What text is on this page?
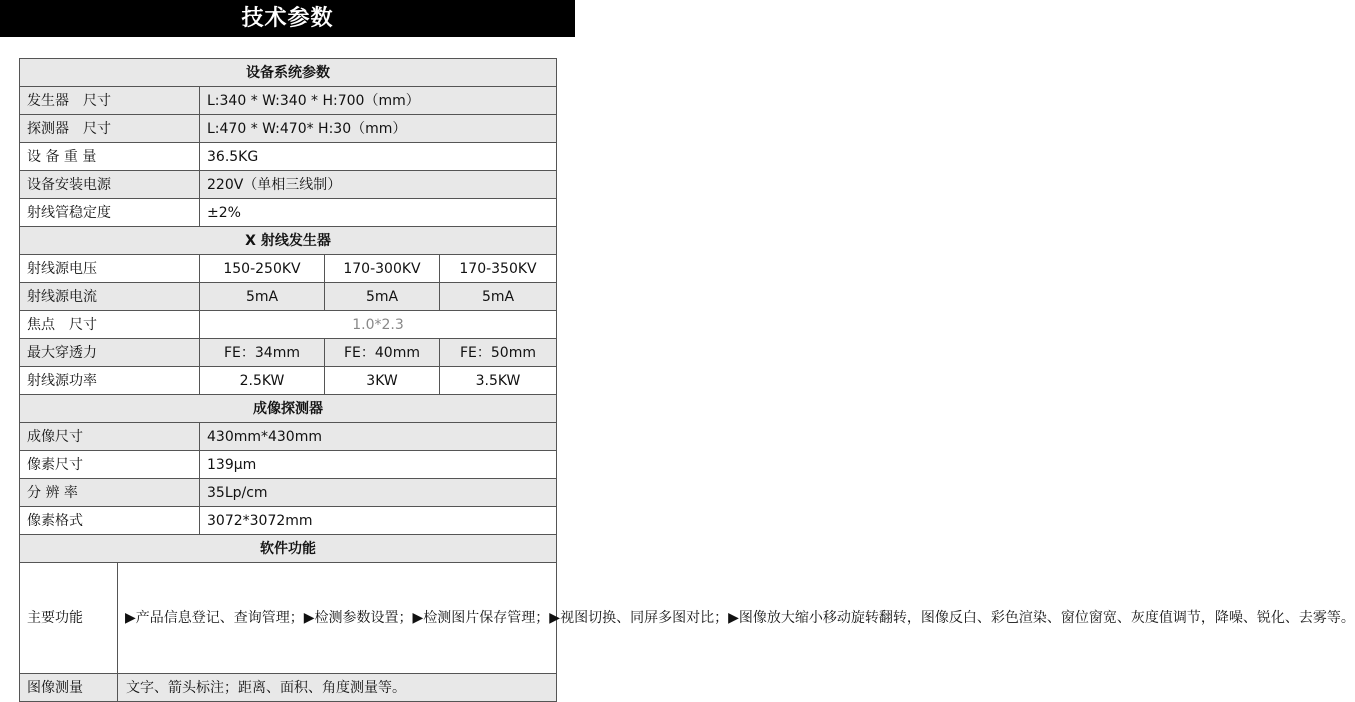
技术参数
设备系统参数				
发生器　尺寸		L:340 * W:340 * H:700（mm）		
探测器　尺寸		L:470 * W:470* H:30（mm）		
设 备 重 量		36.5KG		
设备安装电源		220V（单相三线制）		
射线管稳定度		±2%		
X 射线发生器				
射线源电压		150-250KV	170-300KV	170-350KV
射线源电流		5mA	5mA	5mA
焦点　尺寸		1.0*2.3		
最大穿透力		FE：34mm	FE：40mm	FE：50mm
射线源功率		2.5KW	3KW	3.5KW
成像探测器				
成像尺寸		430mm*430mm		
像素尺寸		139μm		
分 辨 率		35Lp/cm		
像素格式		3072*3072mm		
软件功能				
主要功能	▶产品信息登记、查询管理；▶检测参数设置；▶检测图片保存管理；▶视图切换、同屏多图对比；▶图像放大缩小移动旋转翻转，图像反白、彩色渲染、窗位窗宽、灰度值调节，降噪、锐化、去雾等。			
图像测量	文字、箭头标注；距离、面积、角度测量等。			
